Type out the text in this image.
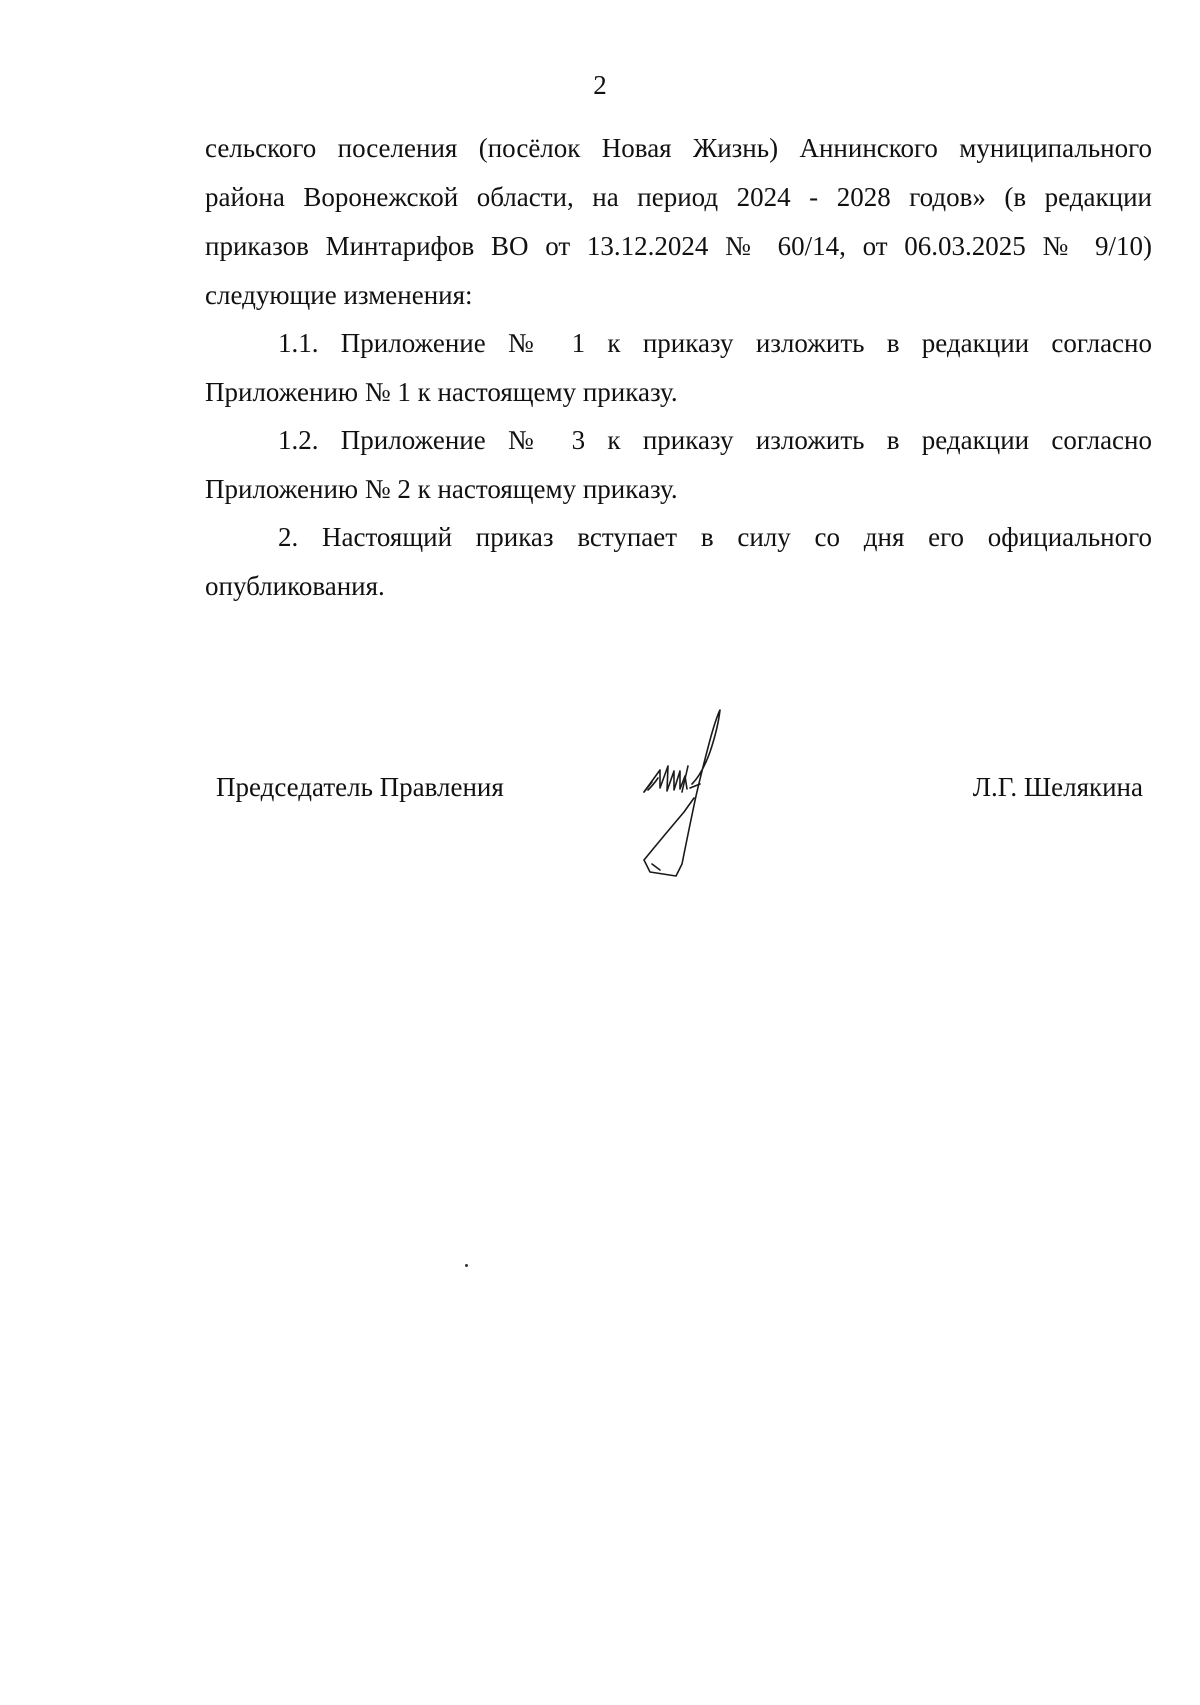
2
сельского поселения (посёлок Новая Жизнь) Аннинского муниципального
района Воронежской области, на период 2024 - 2028 годов» (в редакции
приказов Минтарифов ВО от 13.12.2024 № 60/14, от 06.03.2025 № 9/10)
следующие изменения:
1.1. Приложение № 1 к приказу изложить в редакции согласно
Приложению № 1 к настоящему приказу.
1.2. Приложение № 3 к приказу изложить в редакции согласно
Приложению № 2 к настоящему приказу.
2. Настоящий приказ вступает в силу со дня его официального
опубликования.
Председатель Правления	Л.Г. Шелякина
